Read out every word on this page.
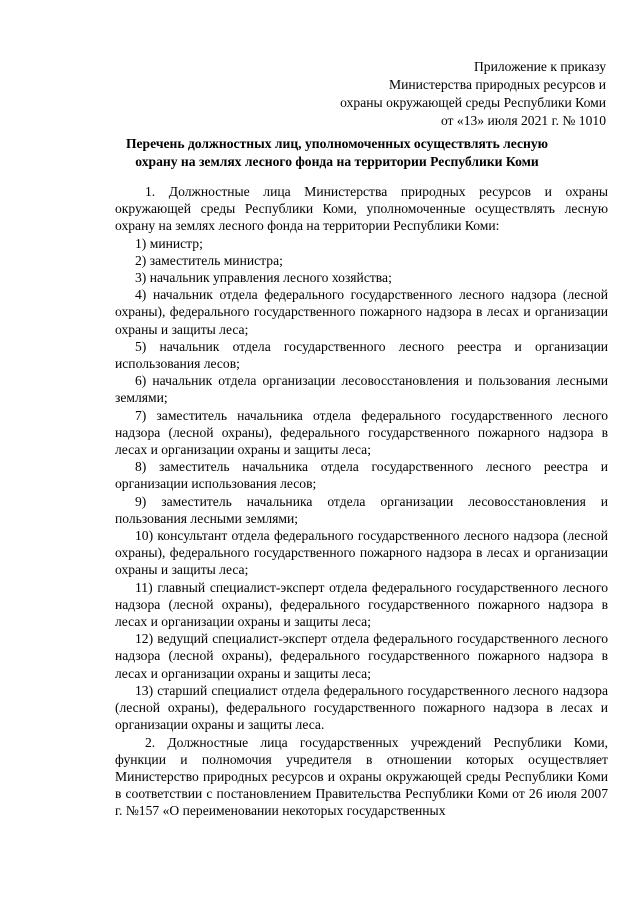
Приложение к приказу
Министерства природных ресурсов и
охраны окружающей среды Республики Коми
от «13» июля 2021 г. № 1010
Перечень должностных лиц, уполномоченных осуществлять лесную
охрану на землях лесного фонда на территории Республики Коми

1. Должностные лица Министерства природных ресурсов и охраны окружающей среды Республики Коми, уполномоченные осуществлять лесную охрану на землях лесного фонда на территории Республики Коми:

1) министр;

2) заместитель министра;

3) начальник управления лесного хозяйства;

4) начальник отдела федерального государственного лесного надзора (лесной охраны), федерального государственного пожарного надзора в лесах и организации охраны и защиты леса;

5) начальник отдела государственного лесного реестра и организации использования лесов;

6) начальник отдела организации лесовосстановления и пользования лесными землями;

7) заместитель начальника отдела федерального государственного лесного надзора (лесной охраны), федерального государственного пожарного надзора в лесах и организации охраны и защиты леса;

8) заместитель начальника отдела государственного лесного реестра и организации использования лесов;

9) заместитель начальника отдела организации лесовосстановления и пользования лесными землями;

10) консультант отдела федерального государственного лесного надзора (лесной охраны), федерального государственного пожарного надзора в лесах и организации охраны и защиты леса;

11) главный специалист-эксперт отдела федерального государственного лесного надзора (лесной охраны), федерального государственного пожарного надзора в лесах и организации охраны и защиты леса;

12) ведущий специалист-эксперт отдела федерального государственного лесного надзора (лесной охраны), федерального государственного пожарного надзора в лесах и организации охраны и защиты леса;

13) старший специалист отдела федерального государственного лесного надзора (лесной охраны), федерального государственного пожарного надзора в лесах и организации охраны и защиты леса.

2. Должностные лица государственных учреждений Республики Коми, функции и полномочия учредителя в отношении которых осуществляет Министерство природных ресурсов и охраны окружающей среды Республики Коми в соответствии с постановлением Правительства Республики Коми от 26 июля 2007 г. №157 «О переименовании некоторых государственных
